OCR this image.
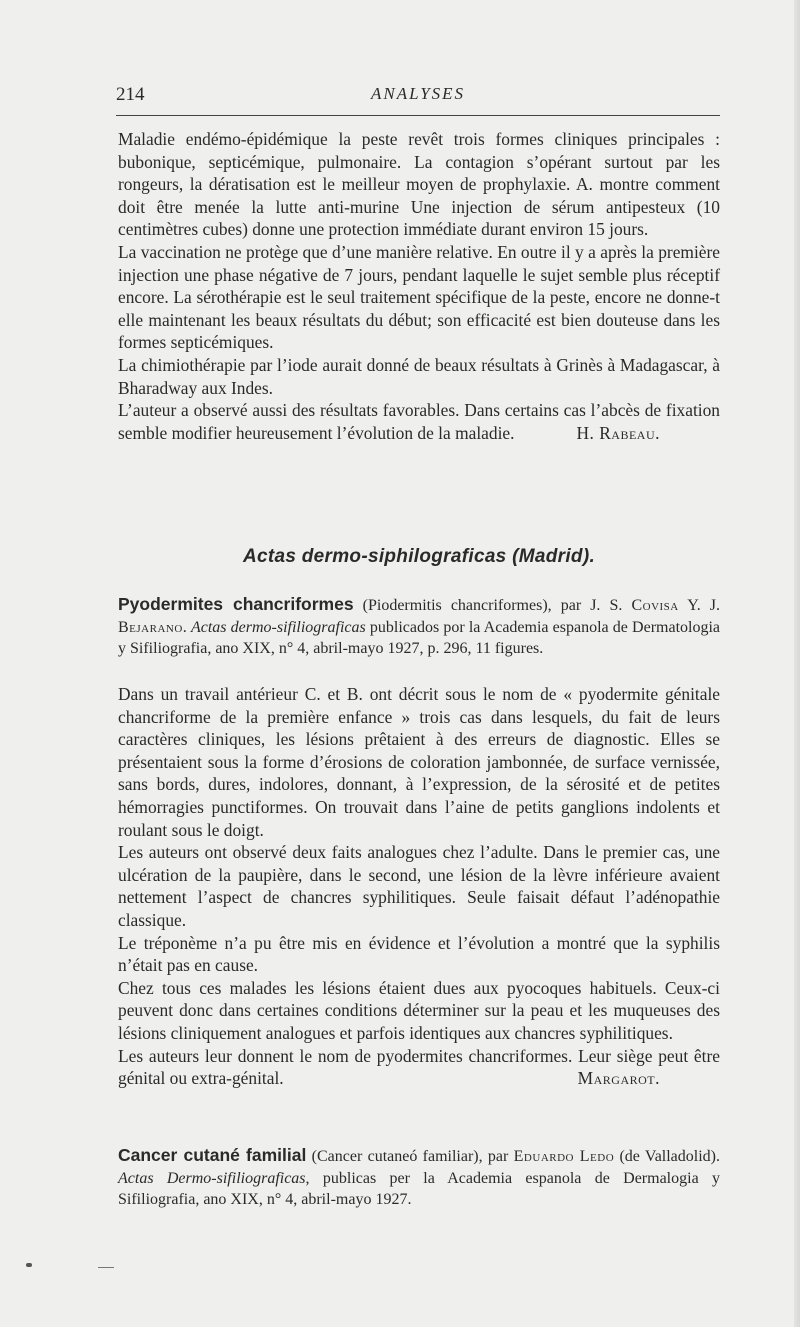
214	ANALYSES

Maladie endémo-épidémique la peste revêt trois formes cliniques principales : bubonique, septicémique, pulmonaire. La contagion s’opérant surtout par les rongeurs, la dératisation est le meilleur moyen de prophylaxie. A. montre comment doit être menée la lutte anti-murine Une injection de sérum antipesteux (10 centimètres cubes) donne une protection immédiate durant environ 15 jours.

La vaccination ne protège que d’une manière relative. En outre il y a après la première injection une phase négative de 7 jours, pendant laquelle le sujet semble plus réceptif encore. La sérothérapie est le seul traitement spécifique de la peste, encore ne donne-t elle maintenant les beaux résultats du début; son efficacité est bien douteuse dans les formes septicémiques.

La chimiothérapie par l’iode aurait donné de beaux résultats à Grinès à Madagascar, à Bharadway aux Indes.

L’auteur a observé aussi des résultats favorables. Dans certains cas l’abcès de fixation semble modifier heureusement l’évolution de la maladie.	H. Rabeau.
Actas dermo-siphilograficas (Madrid).

Pyodermites chancriformes (Piodermitis chancriformes), par J. S. Covisa Y. J. Bejarano. Actas dermo-sifiliograficas publicados por la Academia espanola de Dermatologia y Sifiliografia, ano XIX, n° 4, abril-mayo 1927, p. 296, 11 figures.

Dans un travail antérieur C. et B. ont décrit sous le nom de « pyodermite génitale chancriforme de la première enfance » trois cas dans lesquels, du fait de leurs caractères cliniques, les lésions prêtaient à des erreurs de diagnostic. Elles se présentaient sous la forme d’érosions de coloration jambonnée, de surface vernissée, sans bords, dures, indolores, donnant, à l’expression, de la sérosité et de petites hémorragies punctiformes. On trouvait dans l’aine de petits ganglions indolents et roulant sous le doigt.

Les auteurs ont observé deux faits analogues chez l’adulte. Dans le premier cas, une ulcération de la paupière, dans le second, une lésion de la lèvre inférieure avaient nettement l’aspect de chancres syphilitiques. Seule faisait défaut l’adénopathie classique.

Le tréponème n’a pu être mis en évidence et l’évolution a montré que la syphilis n’était pas en cause.

Chez tous ces malades les lésions étaient dues aux pyocoques habituels. Ceux-ci peuvent donc dans certaines conditions déterminer sur la peau et les muqueuses des lésions cliniquement analogues et parfois identiques aux chancres syphilitiques.

Les auteurs leur donnent le nom de pyodermites chancriformes. Leur siège peut être génital ou extra-génital.	Margarot.

Cancer cutané familial (Cancer cutaneó familiar), par Eduardo Ledo (de Valladolid). Actas Dermo-sifiliograficas, publicas per la Academia espanola de Dermalogia y Sifiliografia, ano XIX, n° 4, abril-mayo 1927.
